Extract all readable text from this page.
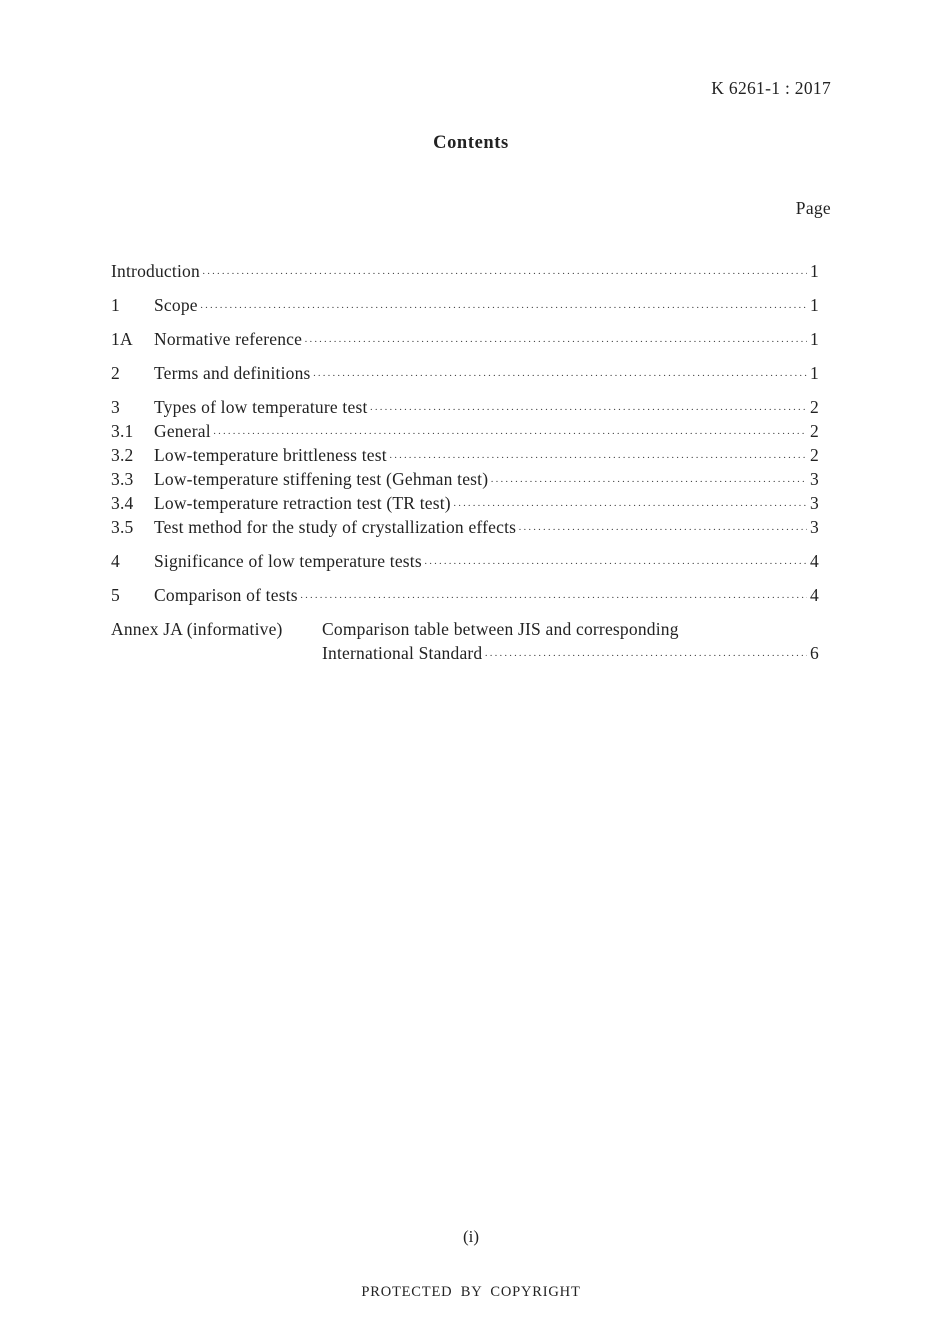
K 6261-1 : 2017
Contents
Page
Introduction ·····	1
1	Scope ·····	1
1A	Normative reference ·····	1
2	Terms and definitions ·····	1
3	Types of low temperature test ·····	2
3.1	General ·····	2
3.2	Low-temperature brittleness test ·····	2
3.3	Low-temperature stiffening test (Gehman test) ·····	3
3.4	Low-temperature retraction test (TR test) ·····	3
3.5	Test method for the study of crystallization effects ·····	3
4	Significance of low temperature tests ·····	4
5	Comparison of tests ·····	4
Annex JA (informative)	Comparison table between JIS and corresponding
International Standard ·····	6
(i)
PROTECTED BY COPYRIGHT
